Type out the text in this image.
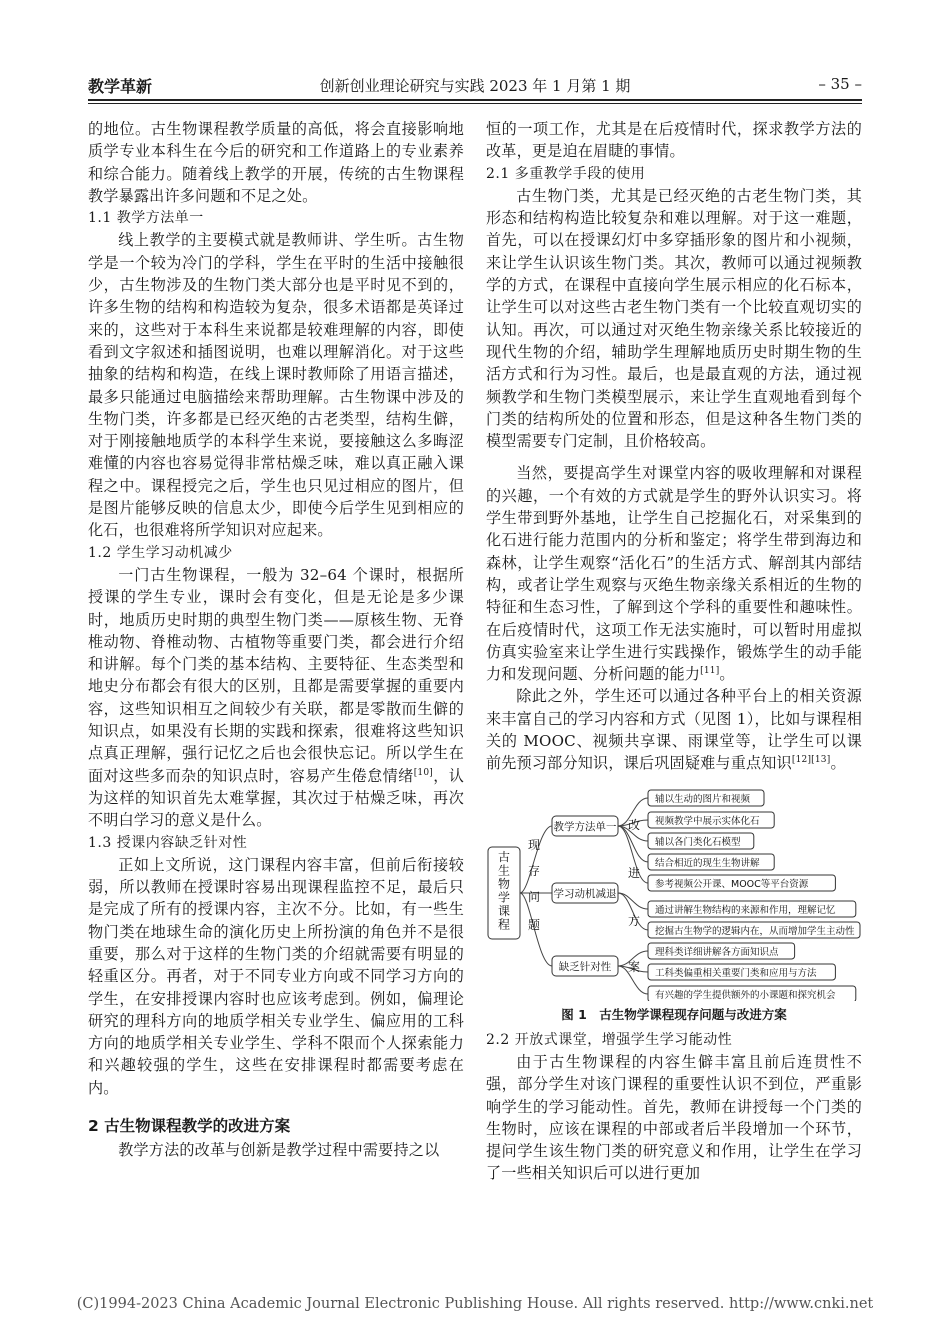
教学革新	创新创业理论研究与实践 2023 年 1 月第 1 期	– 35 –

的地位。古生物课程教学质量的高低，将会直接影响地质学专业本科生在今后的研究和工作道路上的专业素养和综合能力。随着线上教学的开展，传统的古生物课程教学暴露出许多问题和不足之处。

1.1 教学方法单一

线上教学的主要模式就是教师讲、学生听。古生物学是一个较为冷门的学科，学生在平时的生活中接触很少，古生物涉及的生物门类大部分也是平时见不到的，许多生物的结构和构造较为复杂，很多术语都是英译过来的，这些对于本科生来说都是较难理解的内容，即使看到文字叙述和插图说明，也难以理解消化。对于这些抽象的结构和构造，在线上课时教师除了用语言描述，最多只能通过电脑描绘来帮助理解。古生物课中涉及的生物门类，许多都是已经灭绝的古老类型，结构生僻，对于刚接触地质学的本科学生来说，要接触这么多晦涩难懂的内容也容易觉得非常枯燥乏味，难以真正融入课程之中。课程授完之后，学生也只见过相应的图片，但是图片能够反映的信息太少，即使今后学生见到相应的化石，也很难将所学知识对应起来。

1.2 学生学习动机减少

一门古生物课程，一般为 32–64 个课时，根据所授课的学生专业，课时会有变化，但是无论是多少课时，地质历史时期的典型生物门类——原核生物、无脊椎动物、脊椎动物、古植物等重要门类，都会进行介绍和讲解。每个门类的基本结构、主要特征、生态类型和地史分布都会有很大的区别，且都是需要掌握的重要内容，这些知识相互之间较少有关联，都是零散而生僻的知识点，如果没有长期的实践和探索，很难将这些知识点真正理解，强行记忆之后也会很快忘记。所以学生在面对这些多而杂的知识点时，容易产生倦怠情绪[10]，认为这样的知识首先太难掌握，其次过于枯燥乏味，再次不明白学习的意义是什么。

1.3 授课内容缺乏针对性

正如上文所说，这门课程内容丰富，但前后衔接较弱，所以教师在授课时容易出现课程监控不足，最后只是完成了所有的授课内容，主次不分。比如，有一些生物门类在地球生命的演化历史上所扮演的角色并不是很重要，那么对于这样的生物门类的介绍就需要有明显的轻重区分。再者，对于不同专业方向或不同学习方向的学生，在安排授课内容时也应该考虑到。例如，偏理论研究的理科方向的地质学相关专业学生、偏应用的工科方向的地质学相关专业学生、学科不限而个人探索能力和兴趣较强的学生，这些在安排课程时都需要考虑在内。

2 古生物课程教学的改进方案

教学方法的改革与创新是教学过程中需要持之以

恒的一项工作，尤其是在后疫情时代，探求教学方法的改革，更是迫在眉睫的事情。

2.1 多重教学手段的使用

古生物门类，尤其是已经灭绝的古老生物门类，其形态和结构构造比较复杂和难以理解。对于这一难题，首先，可以在授课幻灯中多穿插形象的图片和小视频，来让学生认识该生物门类。其次，教师可以通过视频教学的方式，在课程中直接向学生展示相应的化石标本，让学生可以对这些古老生物门类有一个比较直观切实的认知。再次，可以通过对灭绝生物亲缘关系比较接近的现代生物的介绍，辅助学生理解地质历史时期生物的生活方式和行为习性。最后，也是最直观的方法，通过视频教学和生物门类模型展示，来让学生直观地看到每个门类的结构所处的位置和形态，但是这种各生物门类的模型需要专门定制，且价格较高。

当然，要提高学生对课堂内容的吸收理解和对课程的兴趣，一个有效的方式就是学生的野外认识实习。将学生带到野外基地，让学生自己挖掘化石，对采集到的化石进行能力范围内的分析和鉴定；将学生带到海边和森林，让学生观察“活化石”的生活方式、解剖其内部结构，或者让学生观察与灭绝生物亲缘关系相近的生物的特征和生态习性，了解到这个学科的重要性和趣味性。在后疫情时代，这项工作无法实施时，可以暂时用虚拟仿真实验室来让学生进行实践操作，锻炼学生的动手能力和发现问题、分析问题的能力[11]。

除此之外，学生还可以通过各种平台上的相关资源来丰富自己的学习内容和方式（见图 1），比如与课程相关的 MOOC、视频共享课、雨课堂等，让学生可以课前先预习部分知识，课后巩固疑难与重点知识[12][13]。

古
生
物
学
课
程
现
存
问
题
改
进
方
案
教学方法单一
学习动机减退
缺乏针对性
辅以生动的图片和视频
视频教学中展示实体化石
辅以各门类化石模型
结合相近的现生生物讲解
参考视频公开课、MOOC等平台资源
通过讲解生物结构的来源和作用，理解记忆
挖掘古生物学的逻辑内在，从而增加学生主动性
理科类详细讲解各方面知识点
工科类偏重相关重要门类和应用与方法
有兴趣的学生提供额外的小课题和探究机会
图 1　古生物学课程现存问题与改进方案
2.2 开放式课堂，增强学生学习能动性

由于古生物课程的内容生僻丰富且前后连贯性不强，部分学生对该门课程的重要性认识不到位，严重影响学生的学习能动性。首先，教师在讲授每一个门类的生物时，应该在课程的中部或者后半段增加一个环节，提问学生该生物门类的研究意义和作用，让学生在学习了一些相关知识后可以进行更加

(C)1994-2023 China Academic Journal Electronic Publishing House. All rights reserved. http://www.cnki.net
